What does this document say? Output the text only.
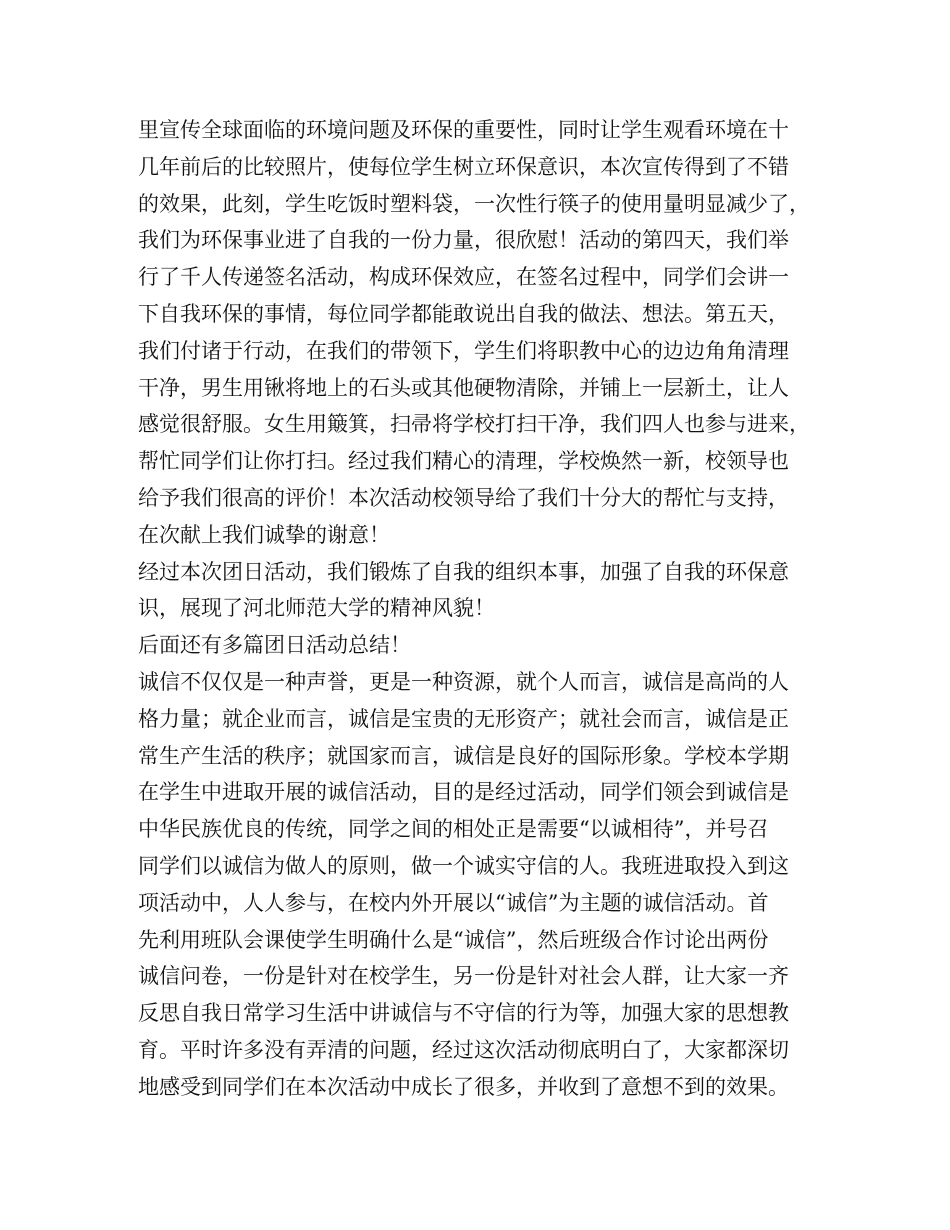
里宣传全球面临的环境问题及环保的重要性，同时让学生观看环境在十
几年前后的比较照片，使每位学生树立环保意识，本次宣传得到了不错
的效果，此刻，学生吃饭时塑料袋，一次性行筷子的使用量明显减少了，
我们为环保事业进了自我的一份力量，很欣慰！活动的第四天，我们举
行了千人传递签名活动，构成环保效应，在签名过程中，同学们会讲一
下自我环保的事情，每位同学都能敢说出自我的做法、想法。第五天，
我们付诸于行动，在我们的带领下，学生们将职教中心的边边角角清理
干净，男生用锹将地上的石头或其他硬物清除，并铺上一层新土，让人
感觉很舒服。女生用簸箕，扫帚将学校打扫干净，我们四人也参与进来，
帮忙同学们让你打扫。经过我们精心的清理，学校焕然一新，校领导也
给予我们很高的评价！本次活动校领导给了我们十分大的帮忙与支持，
在次献上我们诚挚的谢意！
经过本次团日活动，我们锻炼了自我的组织本事，加强了自我的环保意
识，展现了河北师范大学的精神风貌！
后面还有多篇团日活动总结！
诚信不仅仅是一种声誉，更是一种资源，就个人而言，诚信是高尚的人
格力量；就企业而言，诚信是宝贵的无形资产；就社会而言，诚信是正
常生产生活的秩序；就国家而言，诚信是良好的国际形象。学校本学期
在学生中进取开展的诚信活动，目的是经过活动，同学们领会到诚信是
中华民族优良的传统，同学之间的相处正是需要“以诚相待”，并号召
同学们以诚信为做人的原则，做一个诚实守信的人。我班进取投入到这
项活动中，人人参与，在校内外开展以“诚信”为主题的诚信活动。首
先利用班队会课使学生明确什么是“诚信”，然后班级合作讨论出两份
诚信问卷，一份是针对在校学生，另一份是针对社会人群，让大家一齐
反思自我日常学习生活中讲诚信与不守信的行为等，加强大家的思想教
育。平时许多没有弄清的问题，经过这次活动彻底明白了，大家都深切
地感受到同学们在本次活动中成长了很多，并收到了意想不到的效果。
